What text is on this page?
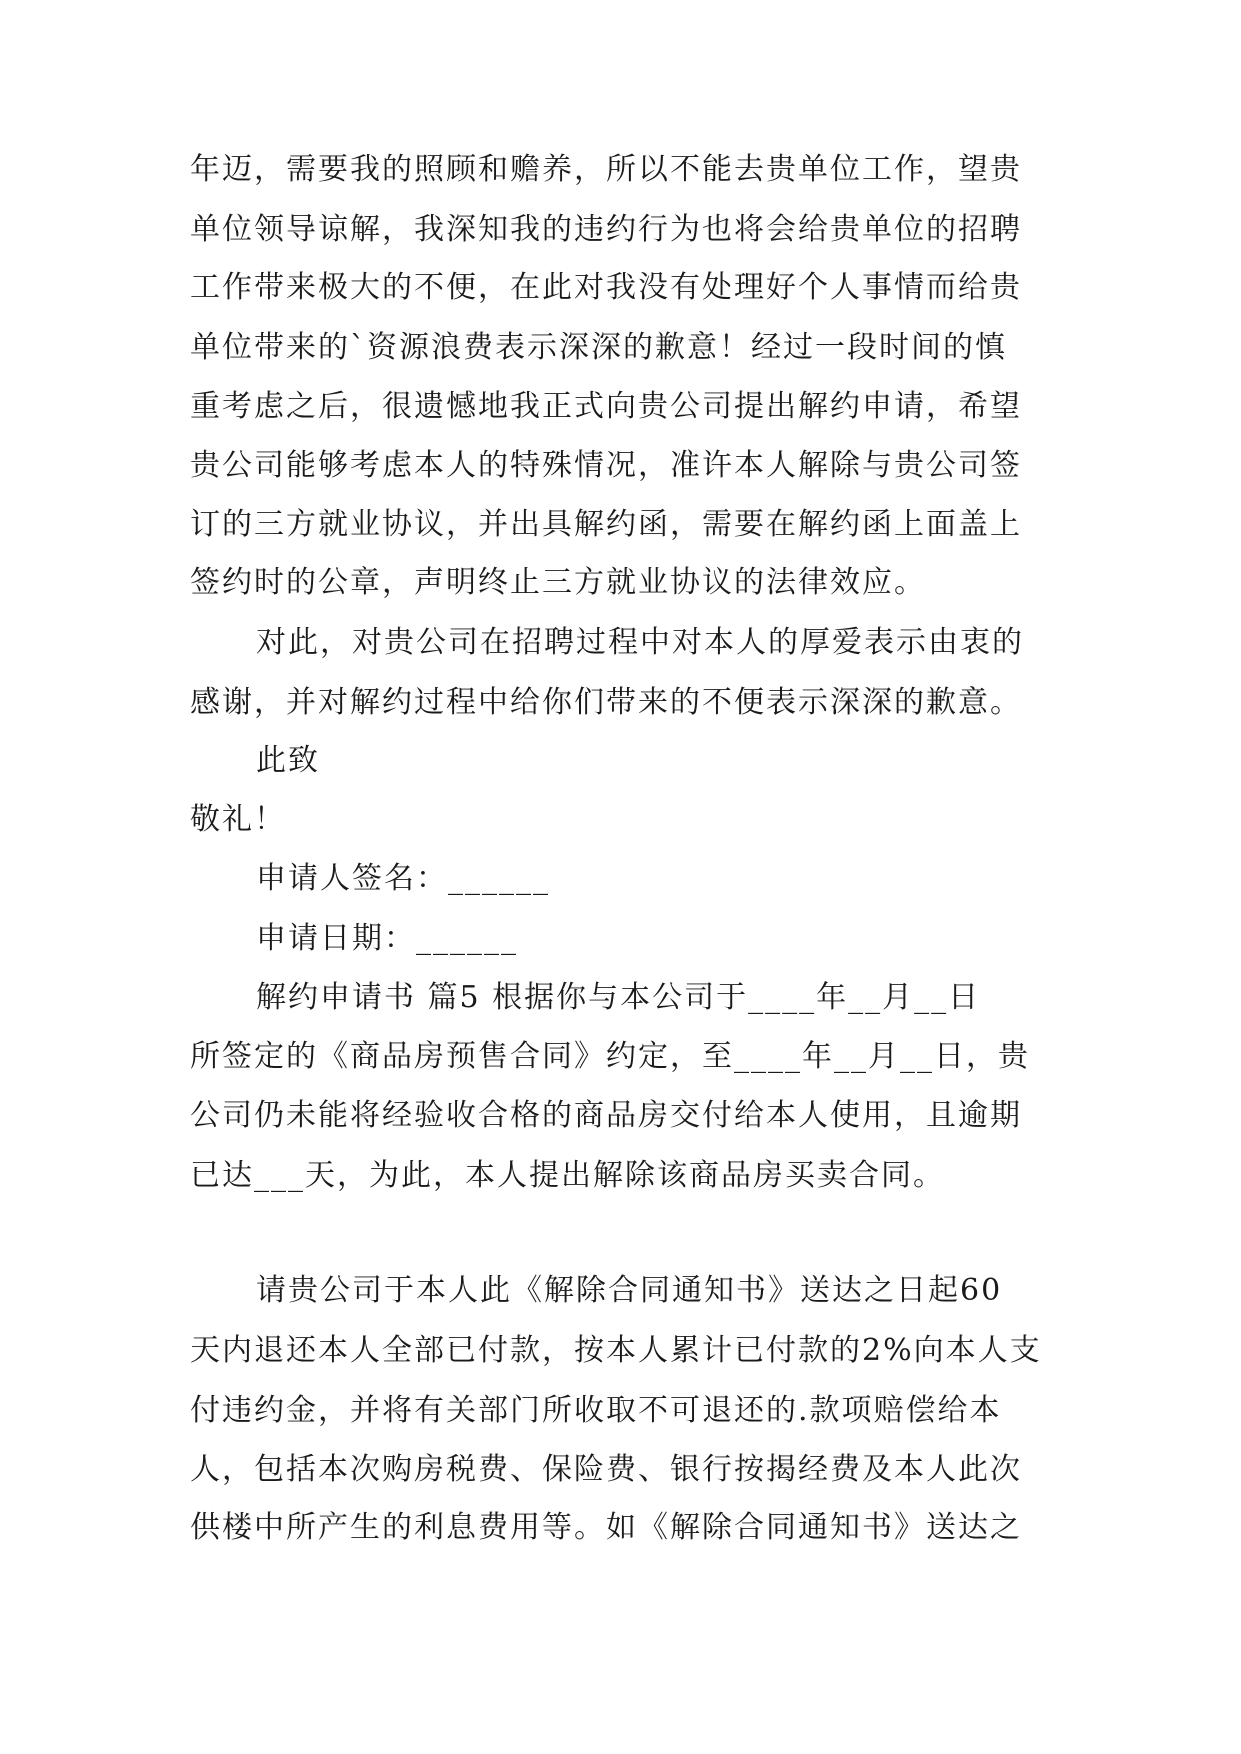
年迈，需要我的照顾和赡养，所以不能去贵单位工作，望贵
单位领导谅解，我深知我的违约行为也将会给贵单位的招聘
工作带来极大的不便，在此对我没有处理好个人事情而给贵
单位带来的`资源浪费表示深深的歉意！经过一段时间的慎
重考虑之后，很遗憾地我正式向贵公司提出解约申请，希望
贵公司能够考虑本人的特殊情况，准许本人解除与贵公司签
订的三方就业协议，并出具解约函，需要在解约函上面盖上
签约时的公章，声明终止三方就业协议的法律效应。
对此，对贵公司在招聘过程中对本人的厚爱表示由衷的
感谢，并对解约过程中给你们带来的不便表示深深的歉意。
此致
敬礼！
申请人签名：______
申请日期：______
解约申请书 篇5 根据你与本公司于____年__月__日
所签定的《商品房预售合同》约定，至____年__月__日，贵
公司仍未能将经验收合格的商品房交付给本人使用，且逾期
已达___天，为此，本人提出解除该商品房买卖合同。
请贵公司于本人此《解除合同通知书》送达之日起60
天内退还本人全部已付款，按本人累计已付款的2%向本人支
付违约金，并将有关部门所收取不可退还的.款项赔偿给本
人，包括本次购房税费、保险费、银行按揭经费及本人此次
供楼中所产生的利息费用等。如《解除合同通知书》送达之
